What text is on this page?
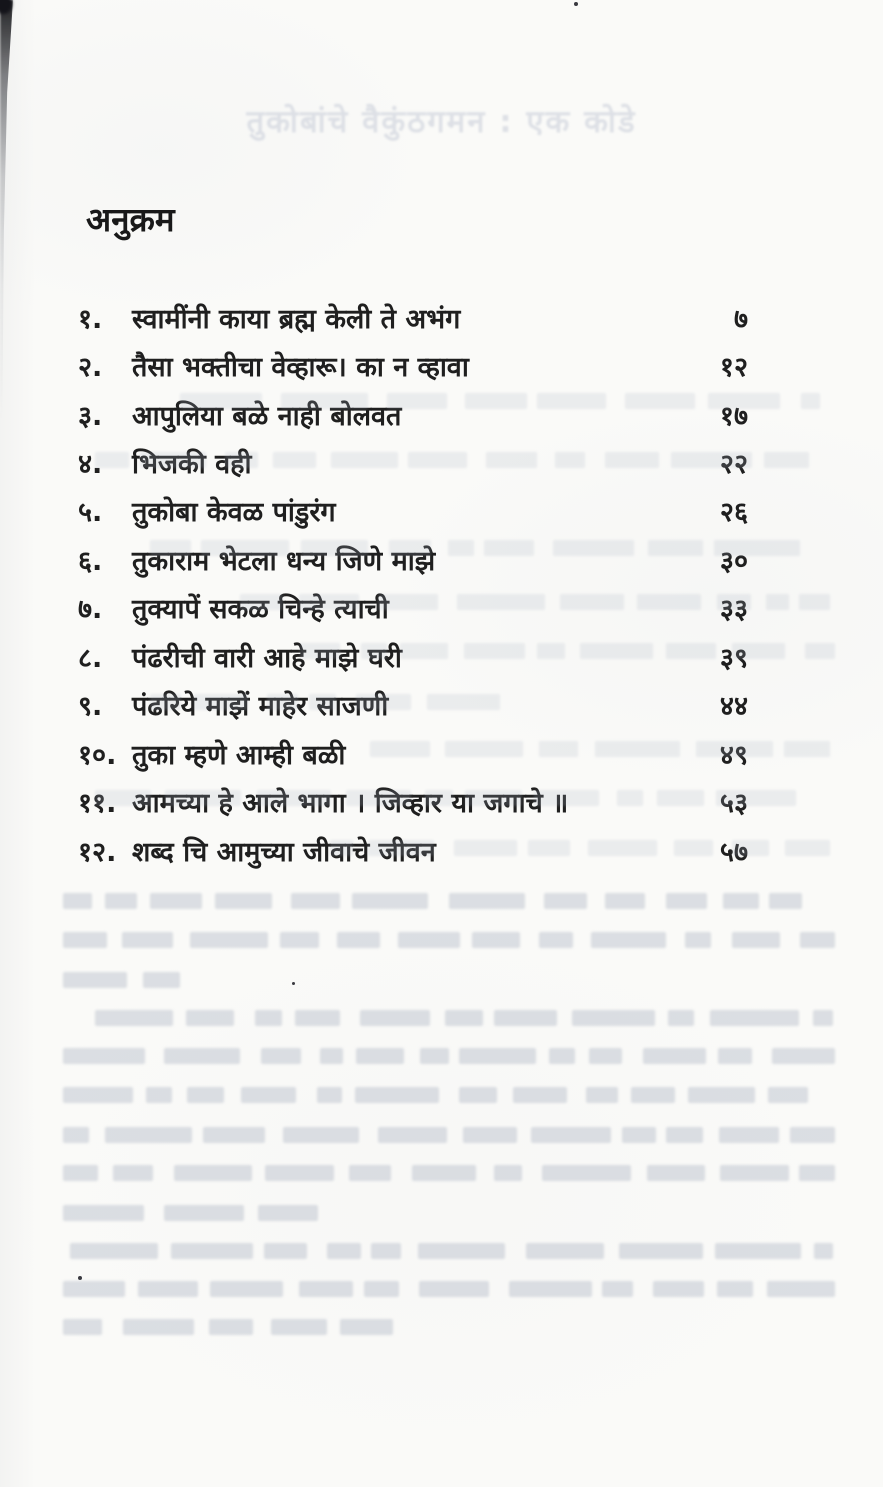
तुकोबांचे वैकुंठगमन : एक कोडे
अनुक्रम
१.	स्वामींनी काया ब्रह्म केली ते अभंग	७
२.	तैसा भक्तीचा वेव्हारू। का न व्हावा	१२
३.	आपुलिया बळे नाही बोलवत	१७
४.	भिजकी वही	२२
५.	तुकोबा केवळ पांडुरंग	२६
६.	तुकाराम भेटला धन्य जिणे माझे	३०
७.	तुक्यापें सकळ चिन्हे त्याची	३३
८.	पंढरीची वारी आहे माझे घरी	३९
९.	पंढरिये माझें माहेर साजणी	४४
१०. तुका म्हणे आम्ही बळी	४९
११. आमच्या हे आले भागा । जिव्हार या जगाचे ॥	५३
१२. शब्द चि आमुच्या जीवाचे जीवन	५७
